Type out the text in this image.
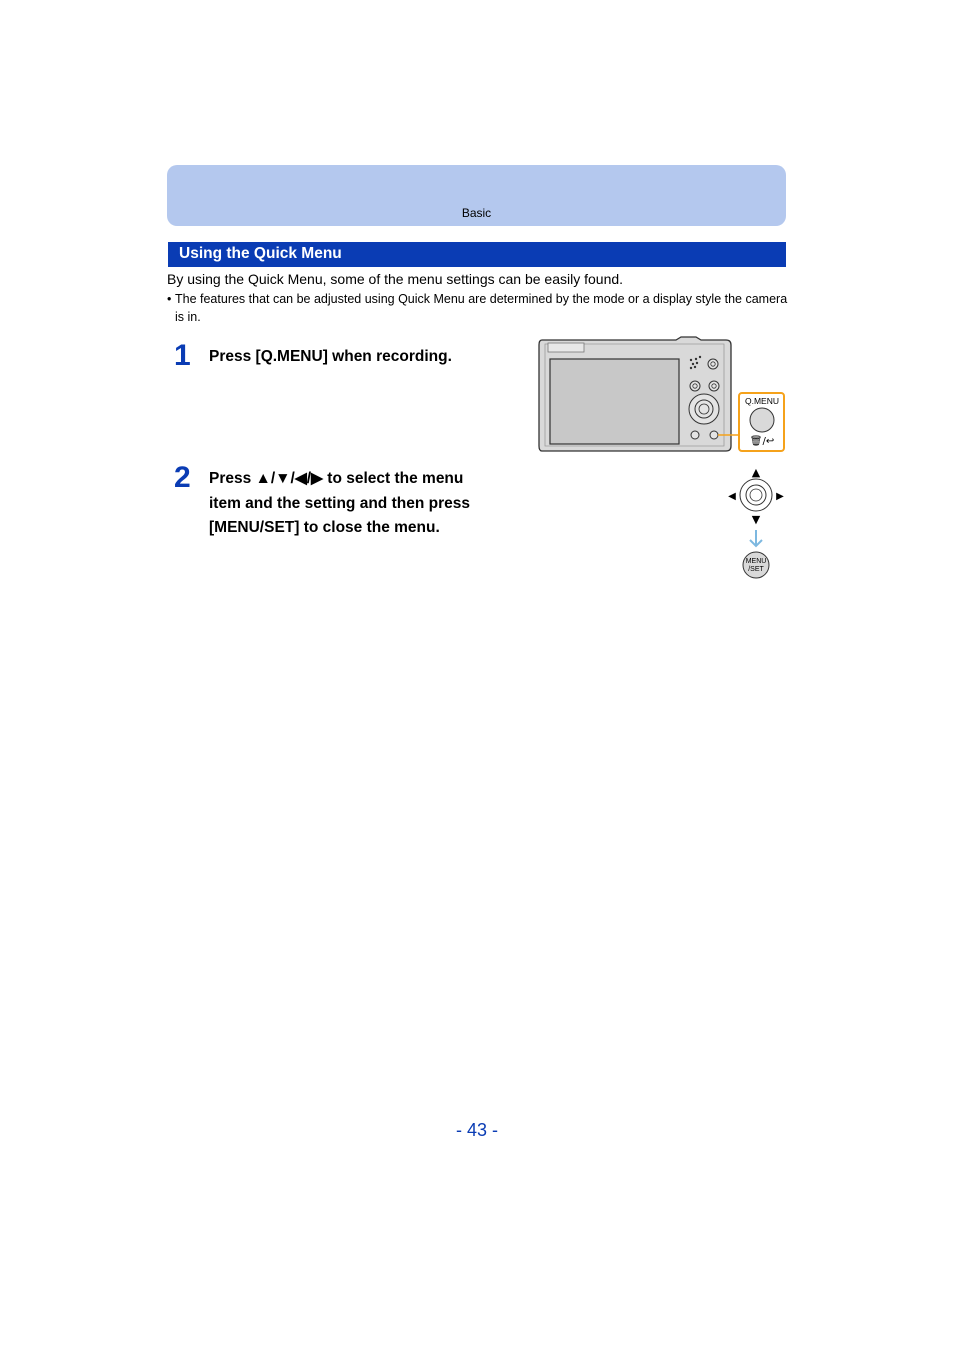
Basic
Using the Quick Menu
By using the Quick Menu, some of the menu settings can be easily found.
• The features that can be adjusted using Quick Menu are determined by the mode or a display style the camera is in.
1 Press [Q.MENU] when recording.
2 Press ▲/▼/◀/▶ to select the menu
item and the setting and then press
[MENU/SET] to close the menu.
Q.MENU
🗑/↩
▲
▼
◀	▶
MENU
/SET
- 43 -
